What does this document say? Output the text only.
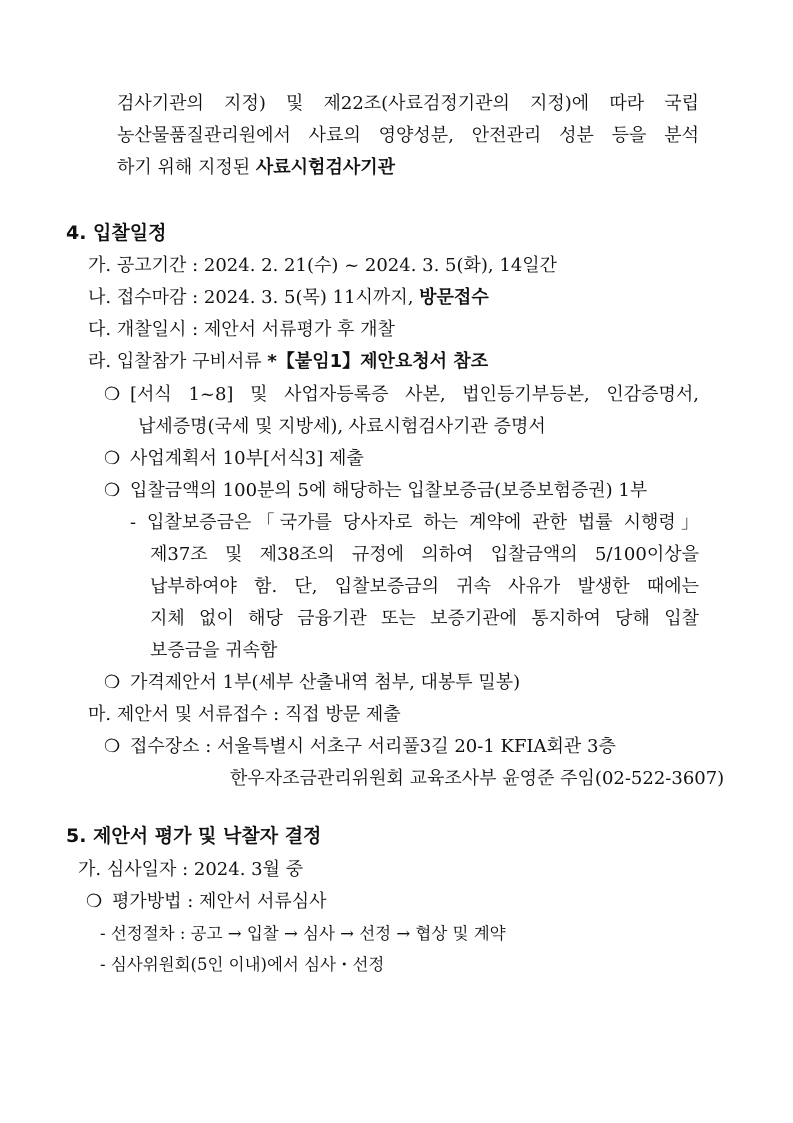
검사기관의 지정) 및 제22조(사료검정기관의 지정)에 따라 국립
농산물품질관리원에서 사료의 영양성분, 안전관리 성분 등을 분석
하기 위해 지정된 사료시험검사기관
4. 입찰일정
가. 공고기간 : 2024. 2. 21(수) ~ 2024. 3. 5(화), 14일간
나. 접수마감 : 2024. 3. 5(목) 11시까지, 방문접수
다. 개찰일시 : 제안서 서류평가 후 개찰
라. 입찰참가 구비서류 *【붙임1】제안요청서 참조
❍ [서식 1~8] 및 사업자등록증 사본, 법인등기부등본, 인감증명서,
납세증명(국세 및 지방세), 사료시험검사기관 증명서
❍ 사업계획서 10부[서식3] 제출
❍ 입찰금액의 100분의 5에 해당하는 입찰보증금(보증보험증권) 1부
- 입찰보증금은「국가를 당사자로 하는 계약에 관한 법률 시행령」
제37조 및 제38조의 규정에 의하여 입찰금액의 5/100이상을
납부하여야 함. 단, 입찰보증금의 귀속 사유가 발생한 때에는
지체 없이 해당 금융기관 또는 보증기관에 통지하여 당해 입찰
보증금을 귀속함
❍ 가격제안서 1부(세부 산출내역 첨부, 대봉투 밀봉)
마. 제안서 및 서류접수 : 직접 방문 제출
❍ 접수장소 : 서울특별시 서초구 서리풀3길 20-1 KFIA회관 3층
한우자조금관리위원회 교육조사부 윤영준 주임(02-522-3607)
5. 제안서 평가 및 낙찰자 결정
가. 심사일자 : 2024. 3월 중
❍ 평가방법 : 제안서 서류심사
- 선정절차 : 공고 → 입찰 → 심사 → 선정 → 협상 및 계약
- 심사위원회(5인 이내)에서 심사・선정
